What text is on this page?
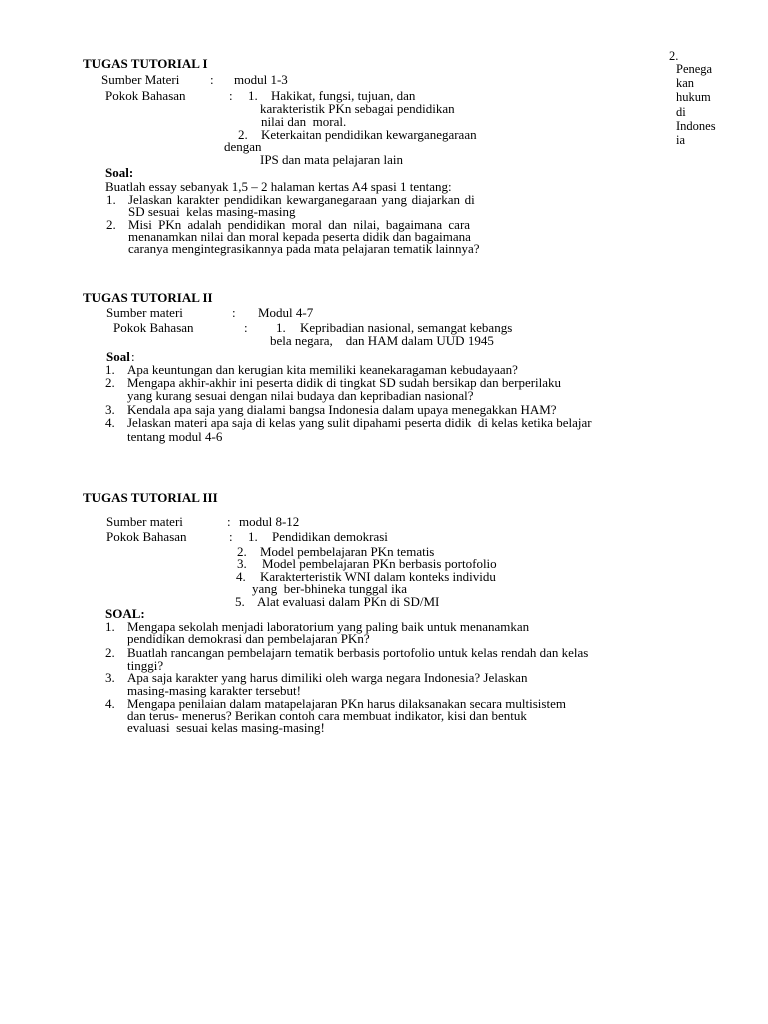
2.
Penega
kan
hukum
di
Indones
ia
TUGAS TUTORIAL I
Sumber Materi : modul 1-3
Pokok Bahasan	: 1. Hakikat, fungsi, tujuan, dan
karakteristik PKn sebagai pendidikan
nilai dan  moral.
2. Keterkaitan pendidikan kewarganegaraan
dengan
IPS dan mata pelajaran lain
Soal:
Buatlah essay sebanyak 1,5 – 2 halaman kertas A4 spasi 1 tentang:
1. Jelaskan karakter pendidikan kewarganegaraan yang diajarkan di
SD sesuai  kelas masing-masing
2. Misi PKn adalah pendidikan moral dan nilai, bagaimana cara
menanamkan nilai dan moral kepada peserta didik dan bagaimana
caranya mengintegrasikannya pada mata pelajaran tematik lainnya?
TUGAS TUTORIAL II
Sumber materi	: Modul 4-7
Pokok Bahasan	: 1. Kepribadian nasional, semangat kebangs
bela negara,    dan HAM dalam UUD 1945
Soal :
1. Apa keuntungan dan kerugian kita memiliki keanekaragaman kebudayaan?
2. Mengapa akhir-akhir ini peserta didik di tingkat SD sudah bersikap dan berperilaku
yang kurang sesuai dengan nilai budaya dan kepribadian nasional?
3. Kendala apa saja yang dialami bangsa Indonesia dalam upaya menegakkan HAM?
4. Jelaskan materi apa saja di kelas yang sulit dipahami peserta didik  di kelas ketika belajar
tentang modul 4-6
TUGAS TUTORIAL III
Sumber materi	: modul 8-12
Pokok Bahasan	: 1. Pendidikan demokrasi
2. Model pembelajaran PKn tematis
3. Model pembelajaran PKn berbasis portofolio
4. Karakterteristik WNI dalam konteks individu
yang  ber-bhineka tunggal ika
5. Alat evaluasi dalam PKn di SD/MI
SOAL:
1. Mengapa sekolah menjadi laboratorium yang paling baik untuk menanamkan
pendidikan demokrasi dan pembelajaran PKn?
2. Buatlah rancangan pembelajarn tematik berbasis portofolio untuk kelas rendah dan kelas
tinggi?
3. Apa saja karakter yang harus dimiliki oleh warga negara Indonesia? Jelaskan
masing-masing karakter tersebut!
4. Mengapa penilaian dalam matapelajaran PKn harus dilaksanakan secara multisistem
dan terus- menerus? Berikan contoh cara membuat indikator, kisi dan bentuk
evaluasi  sesuai kelas masing-masing!
